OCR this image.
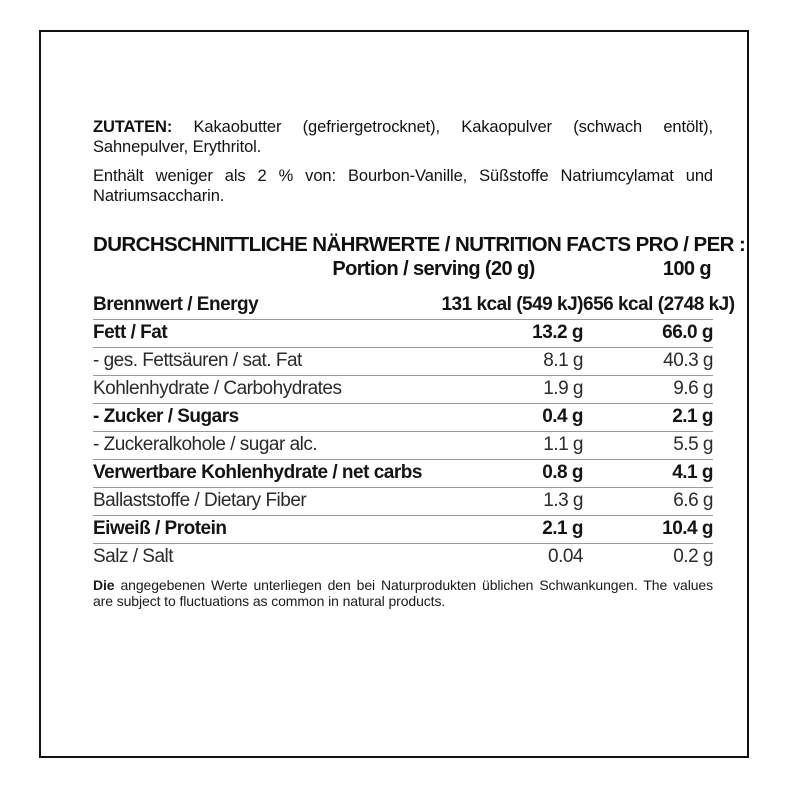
ZUTATEN: Kakaobutter (gefriergetrocknet), Kakaopulver (schwach entölt), Sahnepulver, Erythritol.

Enthält weniger als 2 % von: Bourbon-Vanille, Süßstoffe Natriumcylamat und Natriumsaccharin.

DURCHSCHNITTLICHE NÄHRWERTE / NUTRITION FACTS PRO / PER :
Portion / serving (20 g)	100 g
Brennwert / Energy	131 kcal (549 kJ)	656 kcal (2748 kJ)
Fett / Fat	13.2 g	66.0 g
- ges. Fettsäuren / sat. Fat	8.1 g	40.3 g
Kohlenhydrate / Carbohydrates	1.9 g	9.6 g
- Zucker / Sugars	0.4 g	2.1 g
- Zuckeralkohole / sugar alc.	1.1 g	5.5 g
Verwertbare Kohlenhydrate / net carbs	0.8 g	4.1 g
Ballaststoffe / Dietary Fiber	1.3 g	6.6 g
Eiweiß / Protein	2.1 g	10.4 g
Salz / Salt	0.04	0.2 g

Die angegebenen Werte unterliegen den bei Naturprodukten üblichen Schwankungen. The values are subject to fluctuations as common in natural products.
